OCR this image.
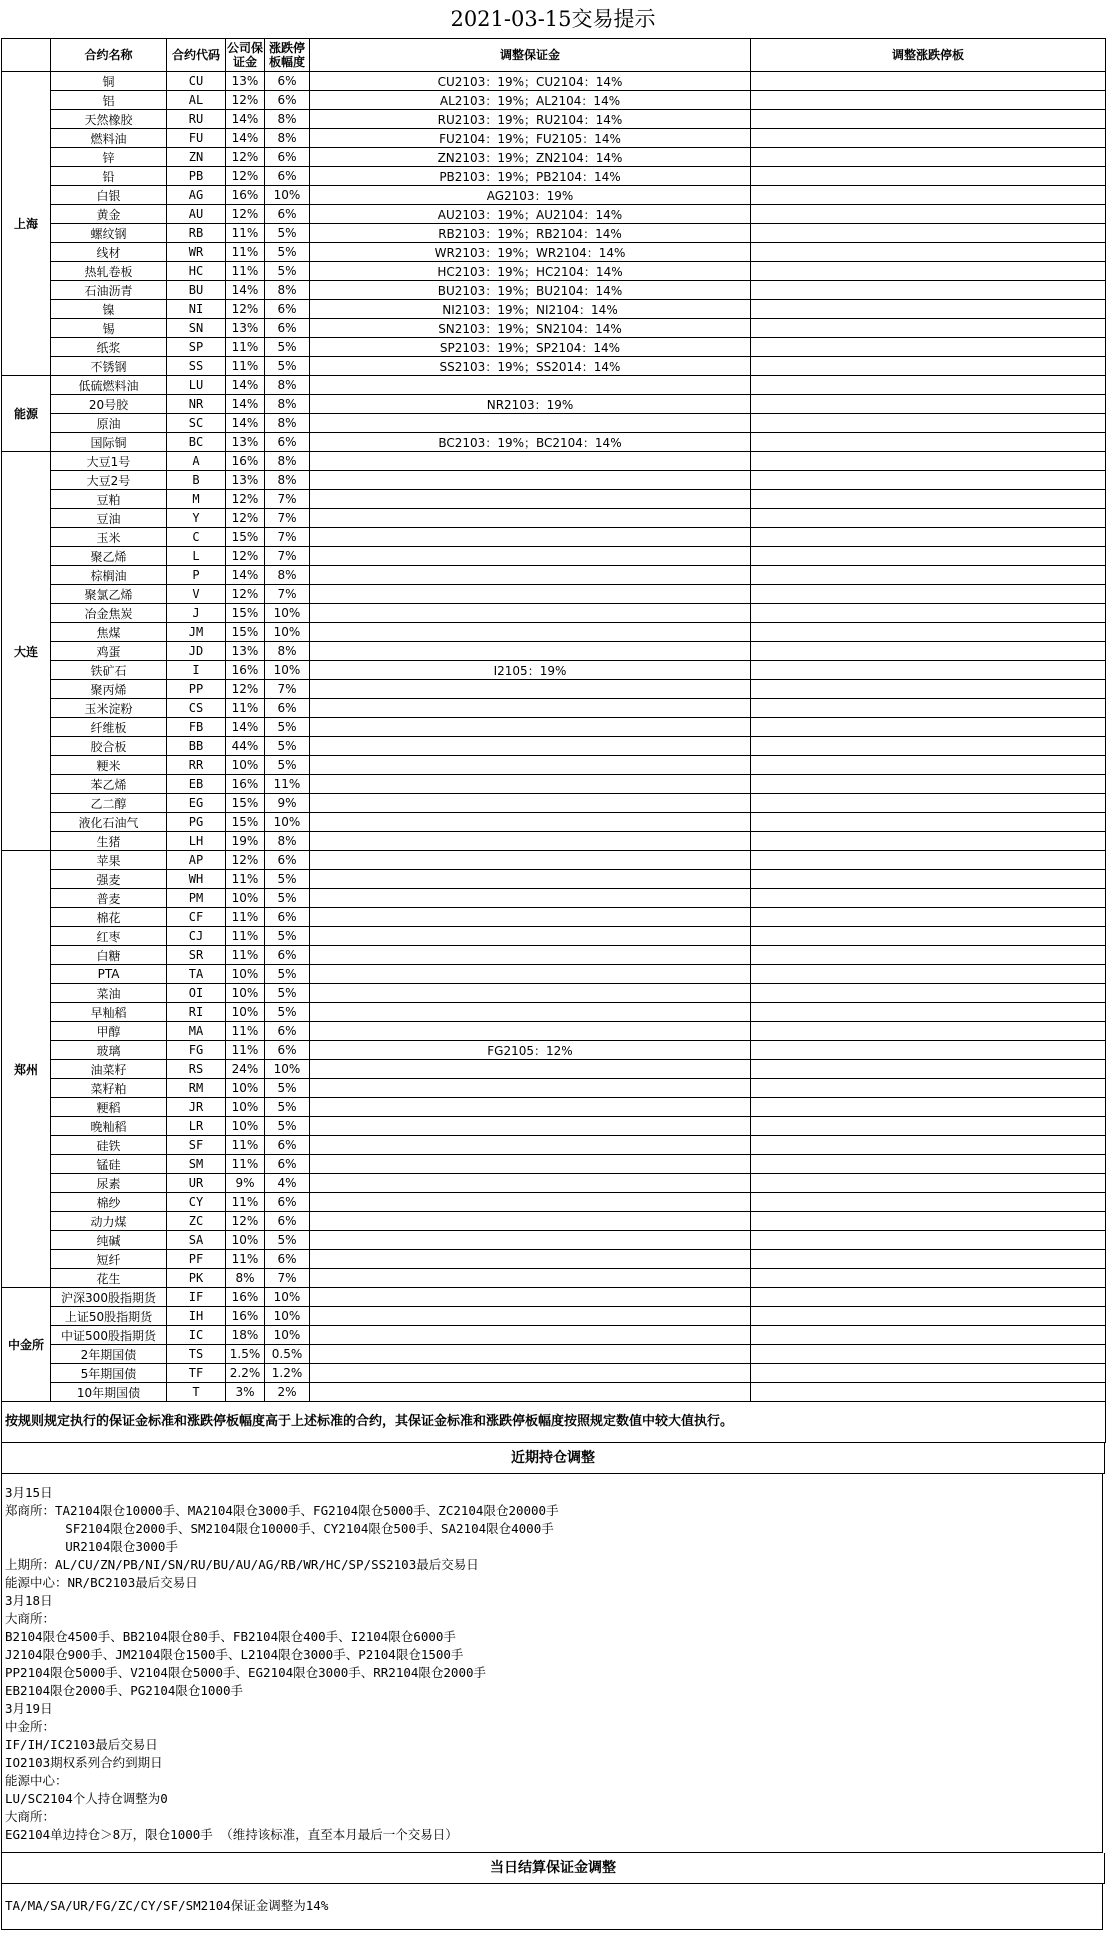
2021-03-15交易提示
	合约名称	合约代码	公司保证金	涨跌停板幅度	调整保证金	调整涨跌停板
上海	铜	CU	13%	6%	CU2103：19%；CU2104：14%	
	铝	AL	12%	6%	AL2103：19%；AL2104：14%	
	天然橡胶	RU	14%	8%	RU2103：19%；RU2104：14%	
	燃料油	FU	14%	8%	FU2104：19%；FU2105：14%	
	锌	ZN	12%	6%	ZN2103：19%；ZN2104：14%	
	铅	PB	12%	6%	PB2103：19%；PB2104：14%	
	白银	AG	16%	10%	AG2103：19%	
	黄金	AU	12%	6%	AU2103：19%；AU2104：14%	
	螺纹钢	RB	11%	5%	RB2103：19%；RB2104：14%	
	线材	WR	11%	5%	WR2103：19%；WR2104：14%	
	热轧卷板	HC	11%	5%	HC2103：19%；HC2104：14%	
	石油沥青	BU	14%	8%	BU2103：19%；BU2104：14%	
	镍	NI	12%	6%	NI2103：19%；NI2104：14%	
	锡	SN	13%	6%	SN2103：19%；SN2104：14%	
	纸浆	SP	11%	5%	SP2103：19%；SP2104：14%	
	不锈钢	SS	11%	5%	SS2103：19%；SS2014：14%	
能源	低硫燃料油	LU	14%	8%		
	20号胶	NR	14%	8%	NR2103：19%	
	原油	SC	14%	8%		
	国际铜	BC	13%	6%	BC2103：19%；BC2104：14%	
大连	大豆1号	A	16%	8%		
	大豆2号	B	13%	8%		
	豆粕	M	12%	7%		
	豆油	Y	12%	7%		
	玉米	C	15%	7%		
	聚乙烯	L	12%	7%		
	棕榈油	P	14%	8%		
	聚氯乙烯	V	12%	7%		
	冶金焦炭	J	15%	10%		
	焦煤	JM	15%	10%		
	鸡蛋	JD	13%	8%		
	铁矿石	I	16%	10%	I2105：19%	
	聚丙烯	PP	12%	7%		
	玉米淀粉	CS	11%	6%		
	纤维板	FB	14%	5%		
	胶合板	BB	44%	5%		
	粳米	RR	10%	5%		
	苯乙烯	EB	16%	11%		
	乙二醇	EG	15%	9%		
	液化石油气	PG	15%	10%		
	生猪	LH	19%	8%		
郑州	苹果	AP	12%	6%		
	强麦	WH	11%	5%		
	普麦	PM	10%	5%		
	棉花	CF	11%	6%		
	红枣	CJ	11%	5%		
	白糖	SR	11%	6%		
	PTA	TA	10%	5%		
	菜油	OI	10%	5%		
	早籼稻	RI	10%	5%		
	甲醇	MA	11%	6%		
	玻璃	FG	11%	6%	FG2105：12%	
	油菜籽	RS	24%	10%		
	菜籽粕	RM	10%	5%		
	粳稻	JR	10%	5%		
	晚籼稻	LR	10%	5%		
	硅铁	SF	11%	6%		
	锰硅	SM	11%	6%		
	尿素	UR	9%	4%		
	棉纱	CY	11%	6%		
	动力煤	ZC	12%	6%		
	纯碱	SA	10%	5%		
	短纤	PF	11%	6%		
	花生	PK	8%	7%		
中金所	沪深300股指期货	IF	16%	10%		
	上证50股指期货	IH	16%	10%		
	中证500股指期货	IC	18%	10%		
	2年期国债	TS	1.5%	0.5%		
	5年期国债	TF	2.2%	1.2%		
	10年期国债	T	3%	2%		
按规则规定执行的保证金标准和涨跌停板幅度高于上述标准的合约，其保证金标准和涨跌停板幅度按照规定数值中较大值执行。
近期持仓调整
3月15日
郑商所：TA2104限仓10000手、MA2104限仓3000手、FG2104限仓5000手、ZC2104限仓20000手
SF2104限仓2000手、SM2104限仓10000手、CY2104限仓500手、SA2104限仓4000手
UR2104限仓3000手
上期所：AL/CU/ZN/PB/NI/SN/RU/BU/AU/AG/RB/WR/HC/SP/SS2103最后交易日
能源中心：NR/BC2103最后交易日
3月18日
大商所：
B2104限仓4500手、BB2104限仓80手、FB2104限仓400手、I2104限仓6000手
J2104限仓900手、JM2104限仓1500手、L2104限仓3000手、P2104限仓1500手
PP2104限仓5000手、V2104限仓5000手、EG2104限仓3000手、RR2104限仓2000手
EB2104限仓2000手、PG2104限仓1000手
3月19日
中金所：
IF/IH/IC2103最后交易日
IO2103期权系列合约到期日
能源中心：
LU/SC2104个人持仓调整为0
大商所：
EG2104单边持仓＞8万，限仓1000手 （维持该标准，直至本月最后一个交易日）
当日结算保证金调整
TA/MA/SA/UR/FG/ZC/CY/SF/SM2104保证金调整为14%
